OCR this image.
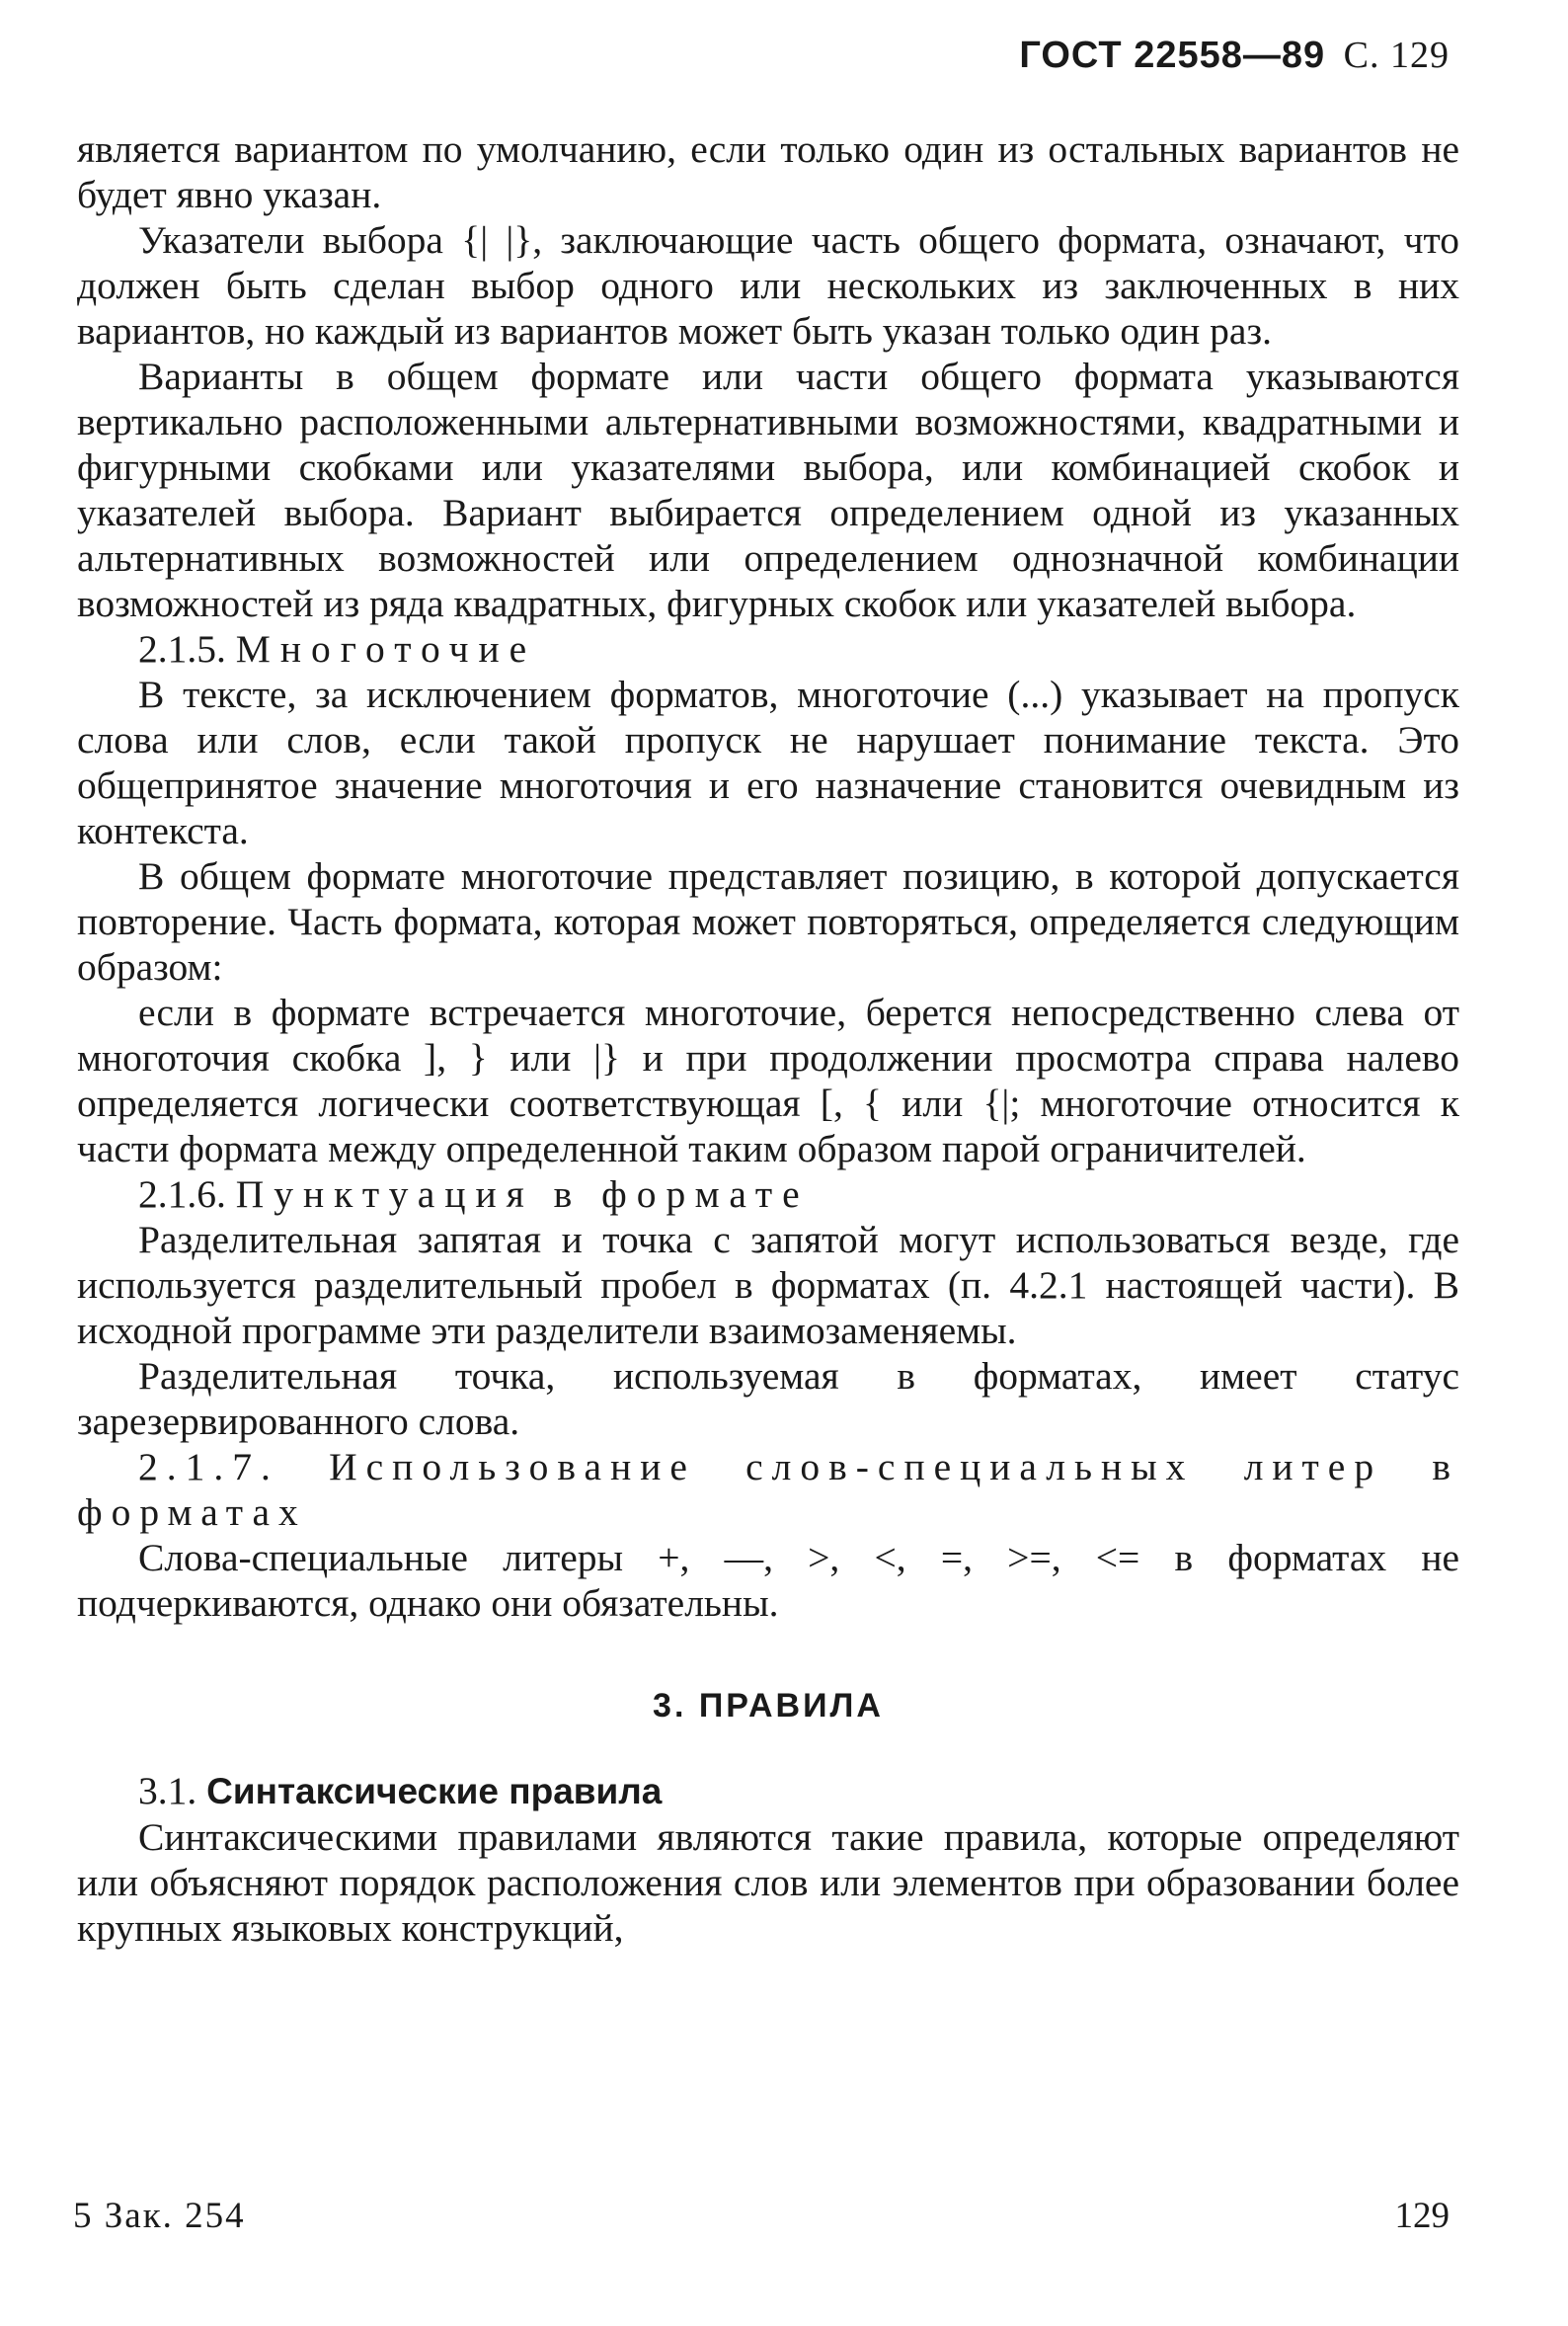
ГОСТ 22558—89 С. 129

является вариантом по умолчанию, если только один из остальных вариантов не будет явно указан.

Указатели выбора {| |}, заключающие часть общего формата, означают, что должен быть сделан выбор одного или нескольких из заключенных в них вариантов, но каждый из вариантов может быть указан только один раз.

Варианты в общем формате или части общего формата указываются вертикально расположенными альтернативными возможностями, квадратными и фигурными скобками или указателями выбора, или комбинацией скобок и указателей выбора. Вариант выбирается определением одной из указанных альтернативных возможностей или определением однозначной комбинации возможностей из ряда квадратных, фигурных скобок или указателей выбора.

2.1.5. Многоточие

В тексте, за исключением форматов, многоточие (...) указывает на пропуск слова или слов, если такой пропуск не нарушает понимание текста. Это общепринятое значение многоточия и его назначение становится очевидным из контекста.

В общем формате многоточие представляет позицию, в которой допускается повторение. Часть формата, которая может повторяться, определяется следующим образом:

если в формате встречается многоточие, берется непосредственно слева от многоточия скобка ], } или |} и при продолжении просмотра справа налево определяется логически соответствующая [, { или {|; многоточие относится к части формата между определенной таким образом парой ограничителей.

2.1.6. Пунктуация в формате

Разделительная запятая и точка с запятой могут использоваться везде, где используется разделительный пробел в форматах (п. 4.2.1 настоящей части). В исходной программе эти разделители взаимозаменяемы.

Разделительная точка, используемая в форматах, имеет статус зарезервированного слова.

2.1.7. Использование слов-специальных литер в форматах

Слова-специальные литеры +, —, >, <, =, >=, <= в форматах не подчеркиваются, однако они обязательны.

3. ПРАВИЛА

3.1. Синтаксические правила

Синтаксическими правилами являются такие правила, которые определяют или объясняют порядок расположения слов или элементов при образовании более крупных языковых конструкций,

5 Зак. 254	129
